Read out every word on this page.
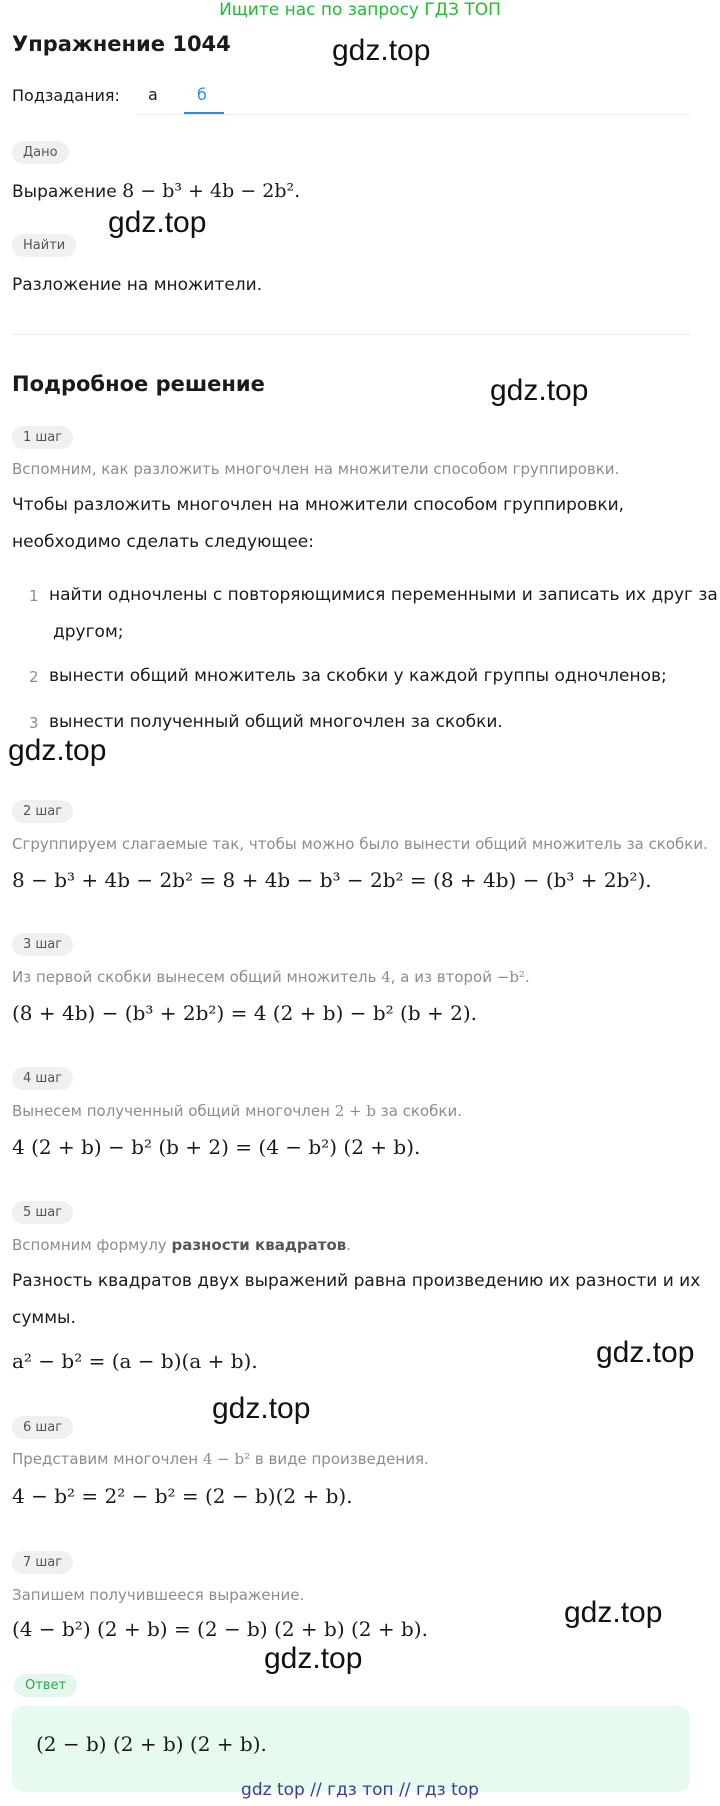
Ищите нас по запросу ГДЗ ТОП
Упражнение 1044	gdz.top
Подзадания: а б
Дано
Выражение 8 − b³ + 4b − 2b².
gdz.top
Найти
Разложение на множители.
Подробное решение	gdz.top
1 шаг
Вспомним, как разложить многочлен на множители способом группировки.
Чтобы разложить многочлен на множители способом группировки,
необходимо сделать следующее:
1 найти одночлены с повторяющимися переменными и записать их друг за
другом;
2 вынести общий множитель за скобки у каждой группы одночленов;
3 вынести полученный общий многочлен за скобки.
gdz.top
2 шаг
Сгруппируем слагаемые так, чтобы можно было вынести общий множитель за скобки.
8 − b³ + 4b − 2b² = 8 + 4b − b³ − 2b² = (8 + 4b) − (b³ + 2b²).
3 шаг
Из первой скобки вынесем общий множитель 4, а из второй −b².
(8 + 4b) − (b³ + 2b²) = 4 (2 + b) − b² (b + 2).
4 шаг
Вынесем полученный общий многочлен 2 + b за скобки.
4 (2 + b) − b² (b + 2) = (4 − b²) (2 + b).
5 шаг
Вспомним формулу разности квадратов.
Разность квадратов двух выражений равна произведению их разности и их
суммы.
a² − b² = (a − b)(a + b).	gdz.top
gdz.top
6 шаг
Представим многочлен 4 − b² в виде произведения.
4 − b² = 2² − b² = (2 − b)(2 + b).
7 шаг
Запишем получившееся выражение.
(4 − b²) (2 + b) = (2 − b) (2 + b) (2 + b).	gdz.top
gdz.top
Ответ
(2 − b) (2 + b) (2 + b).
gdz top // гдз топ // гдз top
